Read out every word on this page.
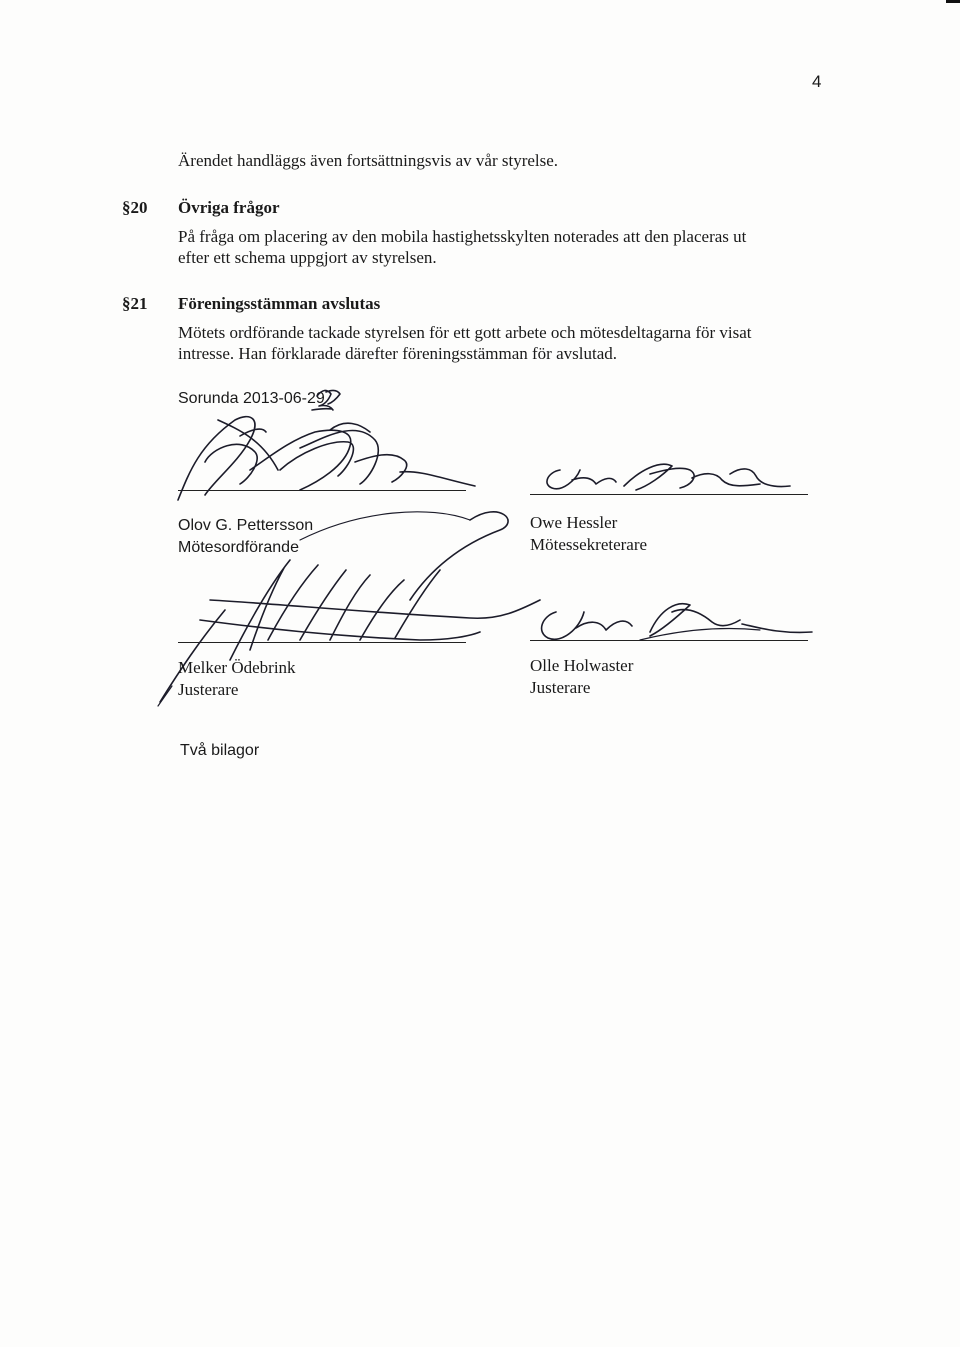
4
Ärendet handläggs även fortsättningsvis av vår styrelse.
§20 Övriga frågor
På fråga om placering av den mobila hastighetsskylten noterades att den placeras ut
efter ett schema uppgjort av styrelsen.
§21 Föreningsstämman avslutas
Mötets ordförande tackade styrelsen för ett gott arbete och mötesdeltagarna för visat
intresse. Han förklarade därefter föreningsstämman för avslutad.
Sorunda 2013-06-29
Olov G. Pettersson
Mötesordförande
Owe Hessler
Mötessekreterare
Melker Ödebrink
Justerare
Olle Holwaster
Justerare
Två bilagor
